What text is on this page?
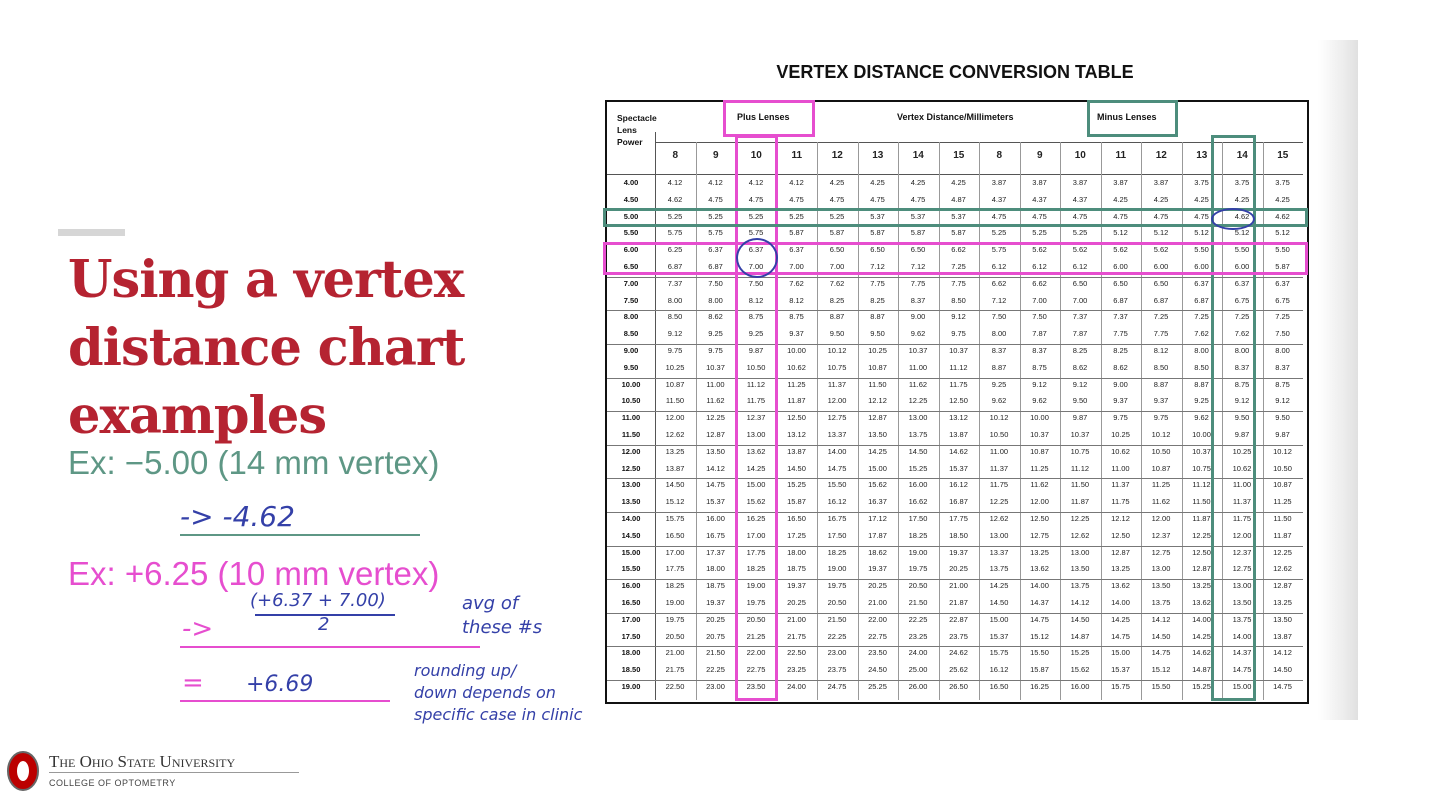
Using a vertex
distance chart
examples
Ex: −5.00 (14 mm vertex)
-> -4.62
Ex: +6.25 (10 mm vertex)
(+6.37 + 7.00)
2
->
= +6.69
avg of
these #s
rounding up/
down depends on
specific case in clinic
VERTEX DISTANCE CONVERSION TABLE
Spectacle
Lens
Power
Plus Lenses	Vertex Distance/Millimeters	Minus Lenses
8	9	10	11	12	13	14	15	8	9	10	11	12	13	14	15
4.00	4.12	4.12	4.12	4.12	4.25	4.25	4.25	4.25	3.87	3.87	3.87	3.87	3.87	3.75	3.75	3.75
4.50	4.62	4.75	4.75	4.75	4.75	4.75	4.75	4.87	4.37	4.37	4.37	4.25	4.25	4.25	4.25	4.25
5.00	5.25	5.25	5.25	5.25	5.25	5.37	5.37	5.37	4.75	4.75	4.75	4.75	4.75	4.75	4.62	4.62
5.50	5.75	5.75	5.75	5.87	5.87	5.87	5.87	5.87	5.25	5.25	5.25	5.12	5.12	5.12	5.12	5.12
6.00	6.25	6.37	6.37	6.37	6.50	6.50	6.50	6.62	5.75	5.62	5.62	5.62	5.62	5.50	5.50	5.50
6.50	6.87	6.87	7.00	7.00	7.00	7.12	7.12	7.25	6.12	6.12	6.12	6.00	6.00	6.00	6.00	5.87
7.00	7.37	7.50	7.50	7.62	7.62	7.75	7.75	7.75	6.62	6.62	6.50	6.50	6.50	6.37	6.37	6.37
7.50	8.00	8.00	8.12	8.12	8.25	8.25	8.37	8.50	7.12	7.00	7.00	6.87	6.87	6.87	6.75	6.75
8.00	8.50	8.62	8.75	8.75	8.87	8.87	9.00	9.12	7.50	7.50	7.37	7.37	7.25	7.25	7.25	7.25
8.50	9.12	9.25	9.25	9.37	9.50	9.50	9.62	9.75	8.00	7.87	7.87	7.75	7.75	7.62	7.62	7.50
9.00	9.75	9.75	9.87	10.00	10.12	10.25	10.37	10.37	8.37	8.37	8.25	8.25	8.12	8.00	8.00	8.00
9.50	10.25	10.37	10.50	10.62	10.75	10.87	11.00	11.12	8.87	8.75	8.62	8.62	8.50	8.50	8.37	8.37
10.00	10.87	11.00	11.12	11.25	11.37	11.50	11.62	11.75	9.25	9.12	9.12	9.00	8.87	8.87	8.75	8.75
10.50	11.50	11.62	11.75	11.87	12.00	12.12	12.25	12.50	9.62	9.62	9.50	9.37	9.37	9.25	9.12	9.12
11.00	12.00	12.25	12.37	12.50	12.75	12.87	13.00	13.12	10.12	10.00	9.87	9.75	9.75	9.62	9.50	9.50
11.50	12.62	12.87	13.00	13.12	13.37	13.50	13.75	13.87	10.50	10.37	10.37	10.25	10.12	10.00	9.87	9.87
12.00	13.25	13.50	13.62	13.87	14.00	14.25	14.50	14.62	11.00	10.87	10.75	10.62	10.50	10.37	10.25	10.12
12.50	13.87	14.12	14.25	14.50	14.75	15.00	15.25	15.37	11.37	11.25	11.12	11.00	10.87	10.75	10.62	10.50
13.00	14.50	14.75	15.00	15.25	15.50	15.62	16.00	16.12	11.75	11.62	11.50	11.37	11.25	11.12	11.00	10.87
13.50	15.12	15.37	15.62	15.87	16.12	16.37	16.62	16.87	12.25	12.00	11.87	11.75	11.62	11.50	11.37	11.25
14.00	15.75	16.00	16.25	16.50	16.75	17.12	17.50	17.75	12.62	12.50	12.25	12.12	12.00	11.87	11.75	11.50
14.50	16.50	16.75	17.00	17.25	17.50	17.87	18.25	18.50	13.00	12.75	12.62	12.50	12.37	12.25	12.00	11.87
15.00	17.00	17.37	17.75	18.00	18.25	18.62	19.00	19.37	13.37	13.25	13.00	12.87	12.75	12.50	12.37	12.25
15.50	17.75	18.00	18.25	18.75	19.00	19.37	19.75	20.25	13.75	13.62	13.50	13.25	13.00	12.87	12.75	12.62
16.00	18.25	18.75	19.00	19.37	19.75	20.25	20.50	21.00	14.25	14.00	13.75	13.62	13.50	13.25	13.00	12.87
16.50	19.00	19.37	19.75	20.25	20.50	21.00	21.50	21.87	14.50	14.37	14.12	14.00	13.75	13.62	13.50	13.25
17.00	19.75	20.25	20.50	21.00	21.50	22.00	22.25	22.87	15.00	14.75	14.50	14.25	14.12	14.00	13.75	13.50
17.50	20.50	20.75	21.25	21.75	22.25	22.75	23.25	23.75	15.37	15.12	14.87	14.75	14.50	14.25	14.00	13.87
18.00	21.00	21.50	22.00	22.50	23.00	23.50	24.00	24.62	15.75	15.50	15.25	15.00	14.75	14.62	14.37	14.12
18.50	21.75	22.25	22.75	23.25	23.75	24.50	25.00	25.62	16.12	15.87	15.62	15.37	15.12	14.87	14.75	14.50
19.00	22.50	23.00	23.50	24.00	24.75	25.25	26.00	26.50	16.50	16.25	16.00	15.75	15.50	15.25	15.00	14.75
The Ohio State University
COLLEGE OF OPTOMETRY
